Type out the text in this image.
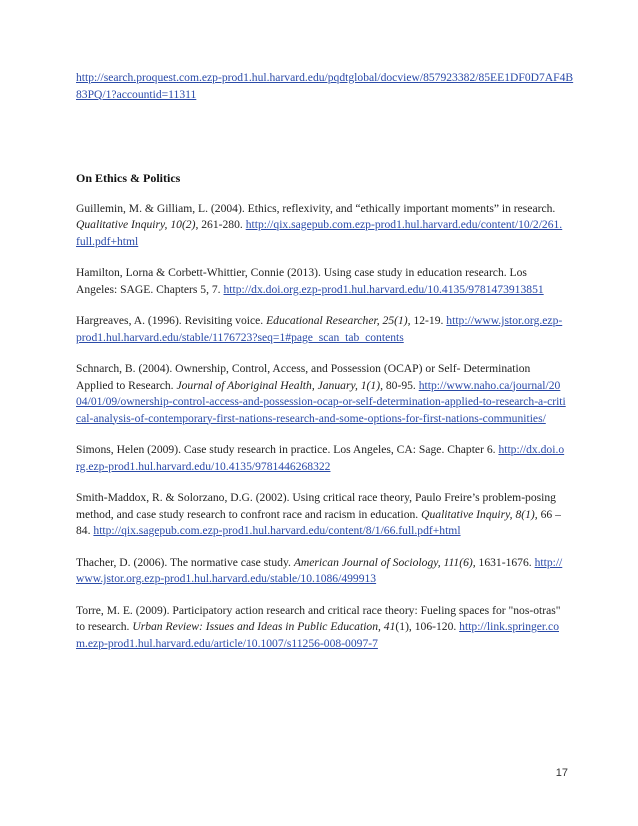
http://search.proquest.com.ezp-prod1.hul.harvard.edu/pqdtglobal/docview/857923382/85EE1DF0D7AF4B83PQ/1?accountid=11311

On Ethics & Politics

Guillemin, M. & Gilliam, L. (2004). Ethics, reflexivity, and “ethically important moments” in research. Qualitative Inquiry, 10(2), 261-280. http://qix.sagepub.com.ezp-prod1.hul.harvard.edu/content/10/2/261.full.pdf+html

Hamilton, Lorna & Corbett-Whittier, Connie (2013). Using case study in education research. Los Angeles: SAGE. Chapters 5, 7. http://dx.doi.org.ezp-prod1.hul.harvard.edu/10.4135/9781473913851

Hargreaves, A. (1996). Revisiting voice. Educational Researcher, 25(1), 12-19. http://www.jstor.org.ezp-prod1.hul.harvard.edu/stable/1176723?seq=1#page_scan_tab_contents

Schnarch, B. (2004). Ownership, Control, Access, and Possession (OCAP) or Self- Determination Applied to Research. Journal of Aboriginal Health, January, 1(1), 80-95. http://www.naho.ca/journal/2004/01/09/ownership-control-access-and-possession-ocap-or-self-determination-applied-to-research-a-critical-analysis-of-contemporary-first-nations-research-and-some-options-for-first-nations-communities/

Simons, Helen (2009). Case study research in practice. Los Angeles, CA: Sage. Chapter 6. http://dx.doi.org.ezp-prod1.hul.harvard.edu/10.4135/9781446268322

Smith-Maddox, R. & Solorzano, D.G. (2002). Using critical race theory, Paulo Freire’s problem-posing method, and case study research to confront race and racism in education. Qualitative Inquiry, 8(1), 66 – 84. http://qix.sagepub.com.ezp-prod1.hul.harvard.edu/content/8/1/66.full.pdf+html

Thacher, D. (2006). The normative case study. American Journal of Sociology, 111(6), 1631-1676. http://www.jstor.org.ezp-prod1.hul.harvard.edu/stable/10.1086/499913

Torre, M. E. (2009). Participatory action research and critical race theory: Fueling spaces for "nos-otras" to research. Urban Review: Issues and Ideas in Public Education, 41(1), 106-120. http://link.springer.com.ezp-prod1.hul.harvard.edu/article/10.1007/s11256-008-0097-7

17
